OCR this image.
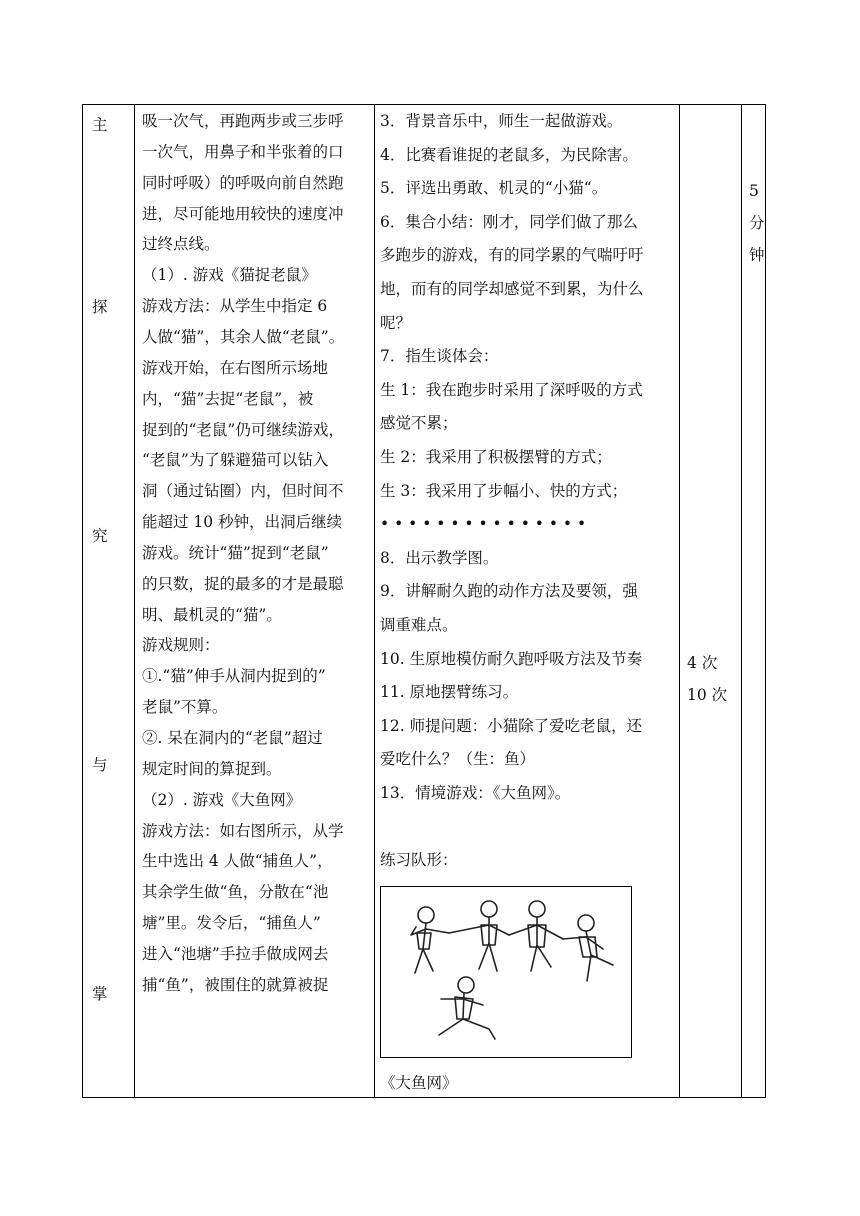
主
探
究
与
掌
吸一次气，再跑两步或三步呼
一次气，用鼻子和半张着的口
同时呼吸）的呼吸向前自然跑
进，尽可能地用较快的速度冲
过终点线。
（1）. 游戏《猫捉老鼠》
游戏方法：从学生中指定 6
人做“猫”，其余人做“老鼠”。
游戏开始，在右图所示场地
内，“猫”去捉“老鼠”，被
捉到的“老鼠”仍可继续游戏，
“老鼠”为了躲避猫可以钻入
洞（通过钻圈）内，但时间不
能超过 10 秒钟，出洞后继续
游戏。统计“猫”捉到“老鼠”
的只数，捉的最多的才是最聪
明、最机灵的“猫”。
游戏规则：
①.“猫”伸手从洞内捉到的”
老鼠”不算。
②. 呆在洞内的“老鼠”超过
规定时间的算捉到。
（2）. 游戏《大鱼网》
游戏方法：如右图所示，从学
生中选出 4 人做“捕鱼人”，
其余学生做“鱼，分散在“池
塘”里。发令后，“捕鱼人”
进入“池塘”手拉手做成网去
捕“鱼”，被围住的就算被捉
3．背景音乐中，师生一起做游戏。
4．比赛看谁捉的老鼠多，为民除害。
5．评选出勇敢、机灵的“小猫“。
6．集合小结：刚才，同学们做了那么
多跑步的游戏，有的同学累的气喘吁吁
地，而有的同学却感觉不到累，为什么
呢？
7．指生谈体会：
生 1：我在跑步时采用了深呼吸的方式
感觉不累；
生 2：我采用了积极摆臂的方式；
生 3：我采用了步幅小、快的方式；
• • • • • • • • • • • • • • •
8．出示教学图。
9．讲解耐久跑的动作方法及要领，强
调重难点。
10. 生原地模仿耐久跑呼吸方法及节奏
11. 原地摆臂练习。
12. 师提问题：小猫除了爱吃老鼠，还
爱吃什么？（生：鱼）
13．情境游戏：《大鱼网》。
练习队形：
4 次
10 次
5
分
钟
《大鱼网》
